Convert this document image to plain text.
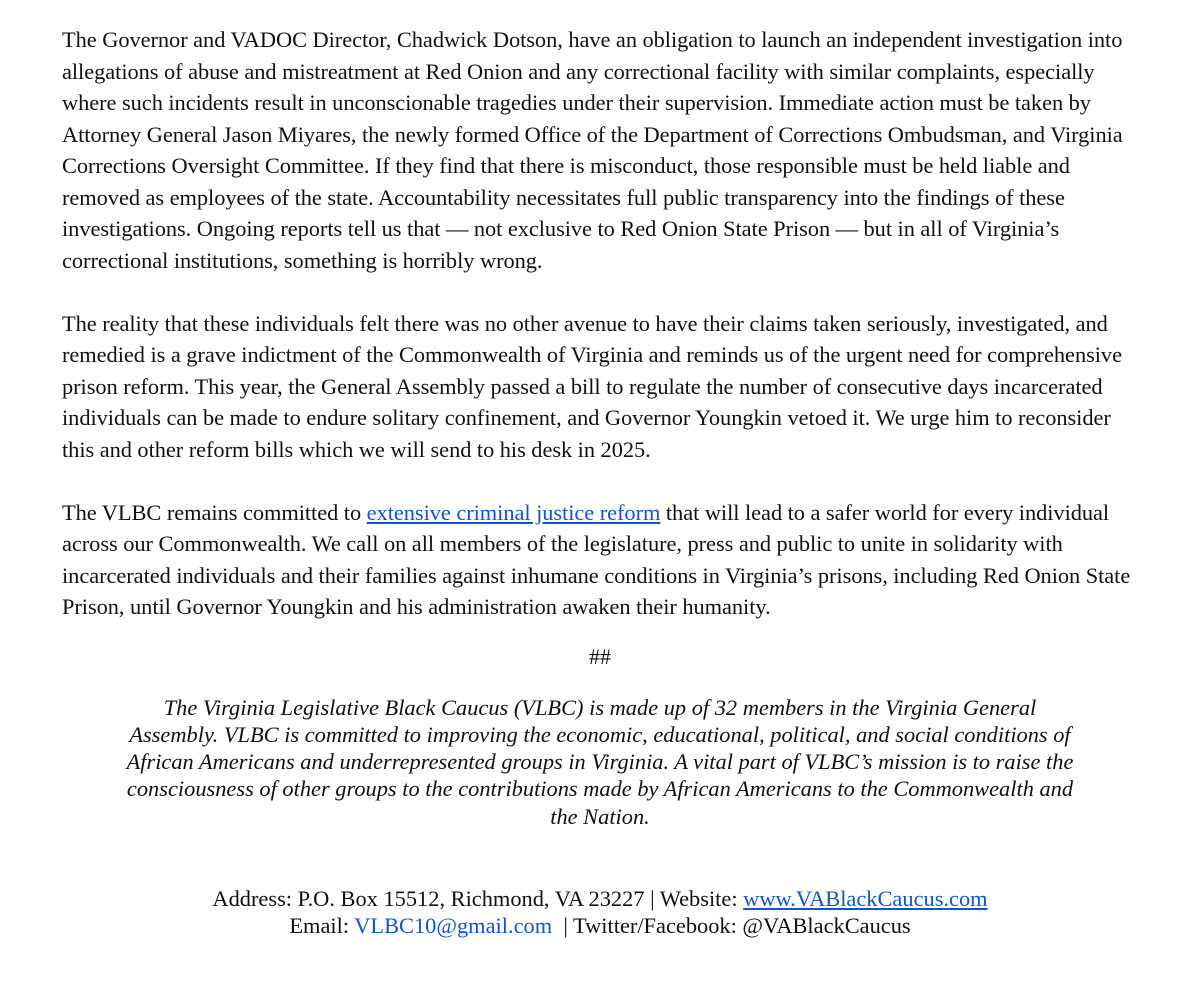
The Governor and VADOC Director, Chadwick Dotson, have an obligation to launch an independent investigation into allegations of abuse and mistreatment at Red Onion and any correctional facility with similar complaints, especially where such incidents result in unconscionable tragedies under their supervision. Immediate action must be taken by Attorney General Jason Miyares, the newly formed Office of the Department of Corrections Ombudsman, and Virginia Corrections Oversight Committee. If they find that there is misconduct, those responsible must be held liable and removed as employees of the state. Accountability necessitates full public transparency into the findings of these investigations. Ongoing reports tell us that — not exclusive to Red Onion State Prison — but in all of Virginia’s correctional institutions, something is horribly wrong.

The reality that these individuals felt there was no other avenue to have their claims taken seriously, investigated, and remedied is a grave indictment of the Commonwealth of Virginia and reminds us of the urgent need for comprehensive prison reform. This year, the General Assembly passed a bill to regulate the number of consecutive days incarcerated individuals can be made to endure solitary confinement, and Governor Youngkin vetoed it. We urge him to reconsider this and other reform bills which we will send to his desk in 2025.

The VLBC remains committed to extensive criminal justice reform that will lead to a safer world for every individual across our Commonwealth. We call on all members of the legislature, press and public to unite in solidarity with incarcerated individuals and their families against inhumane conditions in Virginia’s prisons, including Red Onion State Prison, until Governor Youngkin and his administration awaken their humanity.

##

The Virginia Legislative Black Caucus (VLBC) is made up of 32 members in the Virginia General Assembly. VLBC is committed to improving the economic, educational, political, and social conditions of African Americans and underrepresented groups in Virginia. A vital part of VLBC’s mission is to raise the consciousness of other groups to the contributions made by African Americans to the Commonwealth and the Nation.

Address: P.O. Box 15512, Richmond, VA 23227 | Website: www.VABlackCaucus.com
Email: VLBC10@gmail.com  | Twitter/Facebook: @VABlackCaucus
